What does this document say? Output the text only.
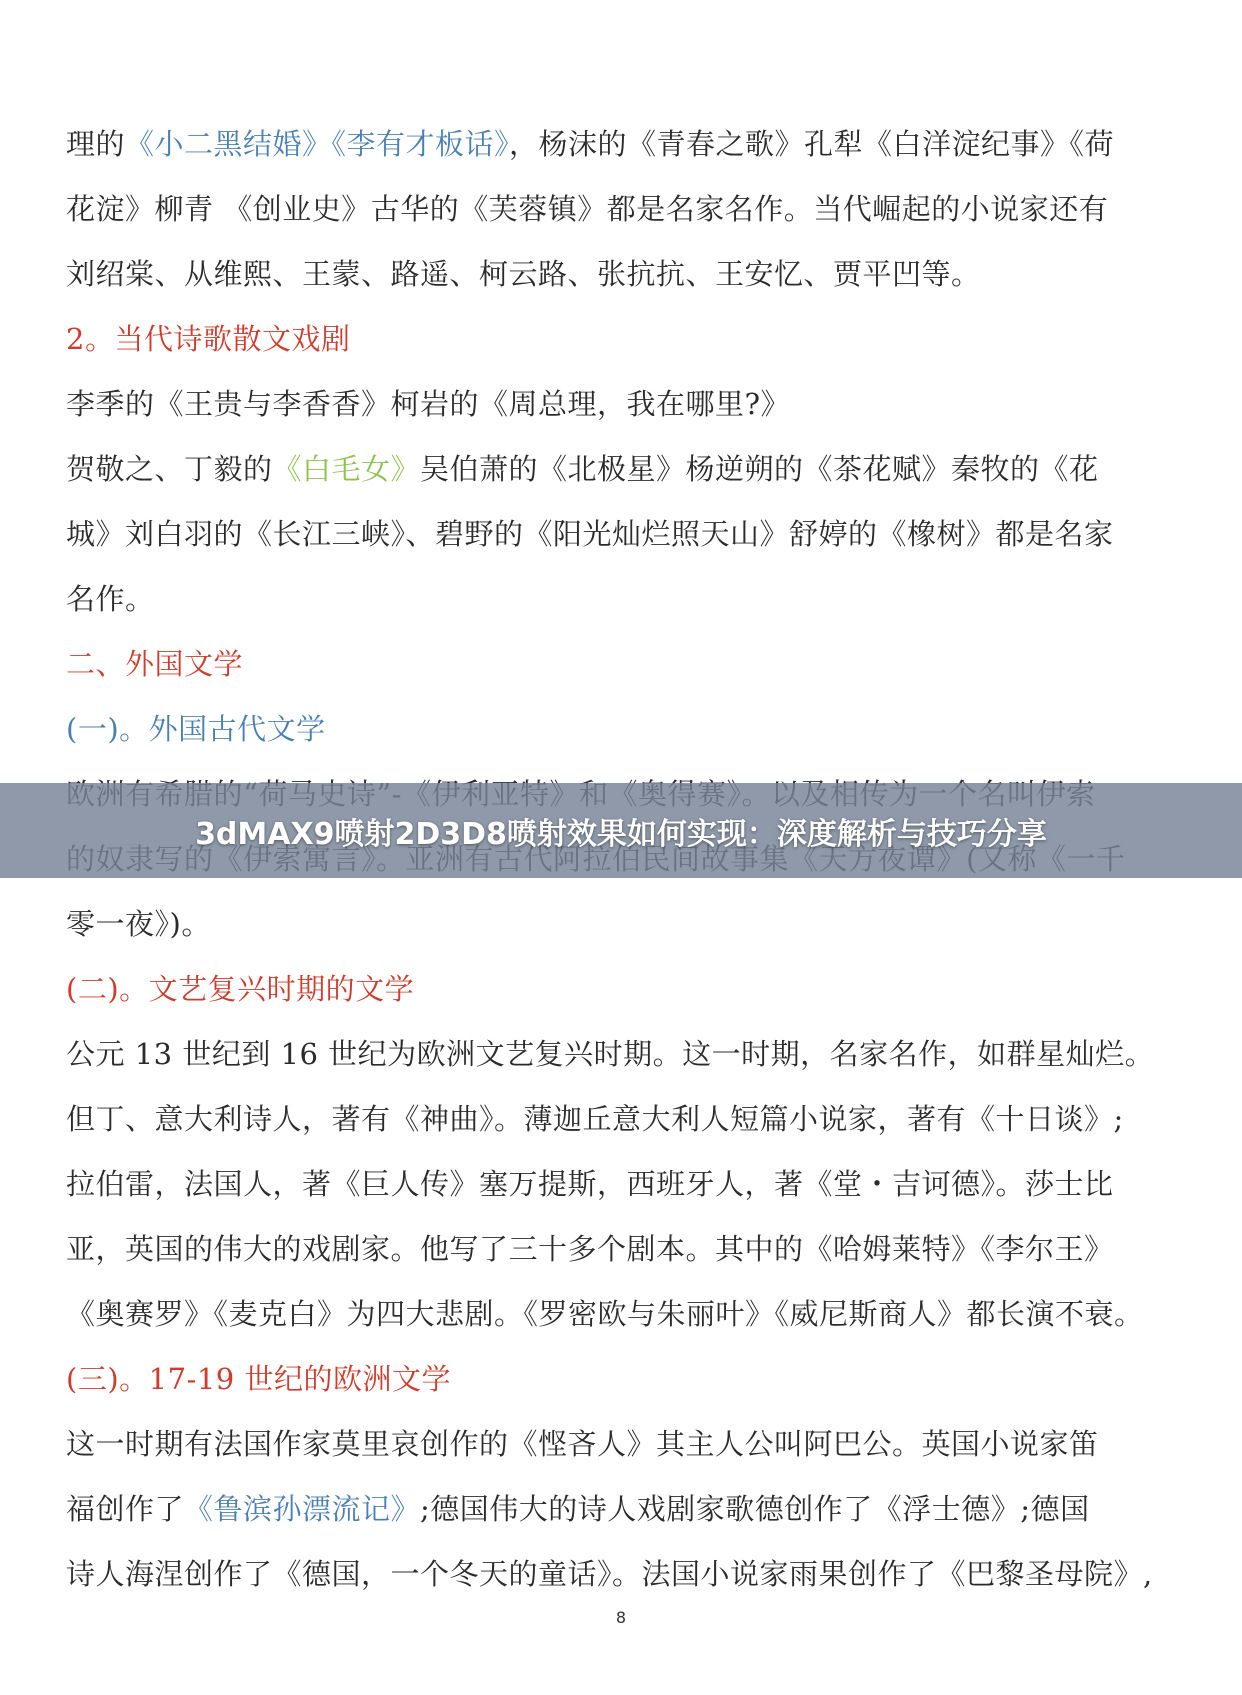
理的《小二黑结婚》《李有才板话》，杨沫的《青春之歌》孔犁《白洋淀纪事》《荷
花淀》柳青 《创业史》古华的《芙蓉镇》都是名家名作。当代崛起的小说家还有
刘绍棠、从维熙、王蒙、路遥、柯云路、张抗抗、王安忆、贾平凹等。
2。当代诗歌散文戏剧
李季的《王贵与李香香》柯岩的《周总理，我在哪里?》
贺敬之、丁毅的《白毛女》吴伯萧的《北极星》杨逆朔的《茶花赋》秦牧的《花
城》刘白羽的《长江三峡》、碧野的《阳光灿烂照天山》舒婷的《橡树》都是名家
名作。
二、外国文学
(一)。外国古代文学
零一夜》)。
(二)。文艺复兴时期的文学
公元 13 世纪到 16 世纪为欧洲文艺复兴时期。这一时期，名家名作，如群星灿烂。
但丁、意大利诗人，著有《神曲》。薄迦丘意大利人短篇小说家，著有《十日谈》;
拉伯雷，法国人，著《巨人传》塞万提斯，西班牙人，著《堂・吉诃德》。莎士比
亚，英国的伟大的戏剧家。他写了三十多个剧本。其中的《哈姆莱特》《李尔王》
《奥赛罗》《麦克白》为四大悲剧。《罗密欧与朱丽叶》《威尼斯商人》都长演不衰。
(三)。17-19 世纪的欧洲文学
这一时期有法国作家莫里哀创作的《悭吝人》其主人公叫阿巴公。英国小说家笛
福创作了《鲁滨孙漂流记》;德国伟大的诗人戏剧家歌德创作了《浮士德》;德国
诗人海涅创作了《德国，一个冬天的童话》。法国小说家雨果创作了《巴黎圣母院》,
8
3dMAX9喷射2D3D8喷射效果如何实现：深度解析与技巧分享
